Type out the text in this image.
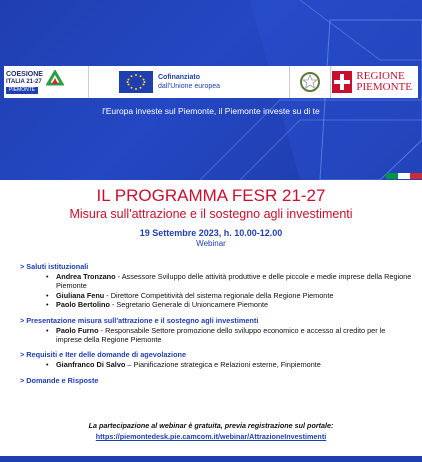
COESIONE
ITALIA 21-27
PIEMONTE
Cofinanziato
dall'Unione europea
REGIONE
PIEMONTE
l'Europa investe sul Piemonte, il Piemonte investe su di te
IL PROGRAMMA FESR 21-27
Misura sull'attrazione e il sostegno agli investimenti
19 Settembre 2023, h. 10.00-12.00
Webinar
> Saluti istituzionali
• Andrea Tronzano - Assessore Sviluppo delle attività produttive e delle piccole e medie imprese della Regione Piemonte
• Giuliana Fenu - Direttore Competitività del sistema regionale della Regione Piemonte
• Paolo Bertolino - Segretario Generale di Unioncamere Piemonte
> Presentazione misura sull'attrazione e il sostegno agli investimenti
• Paolo Furno - Responsabile Settore promozione dello sviluppo economico e accesso al credito per le imprese della Regione Piemonte
> Requisiti e Iter delle domande di agevolazione
• Gianfranco Di Salvo – Pianificazione strategica e Relazioni esterne, Finpiemonte
> Domande e Risposte
La partecipazione al webinar è gratuita, previa registrazione sul portale:
https://piemontedesk.pie.camcom.it/webinar/AttrazioneInvestimenti
